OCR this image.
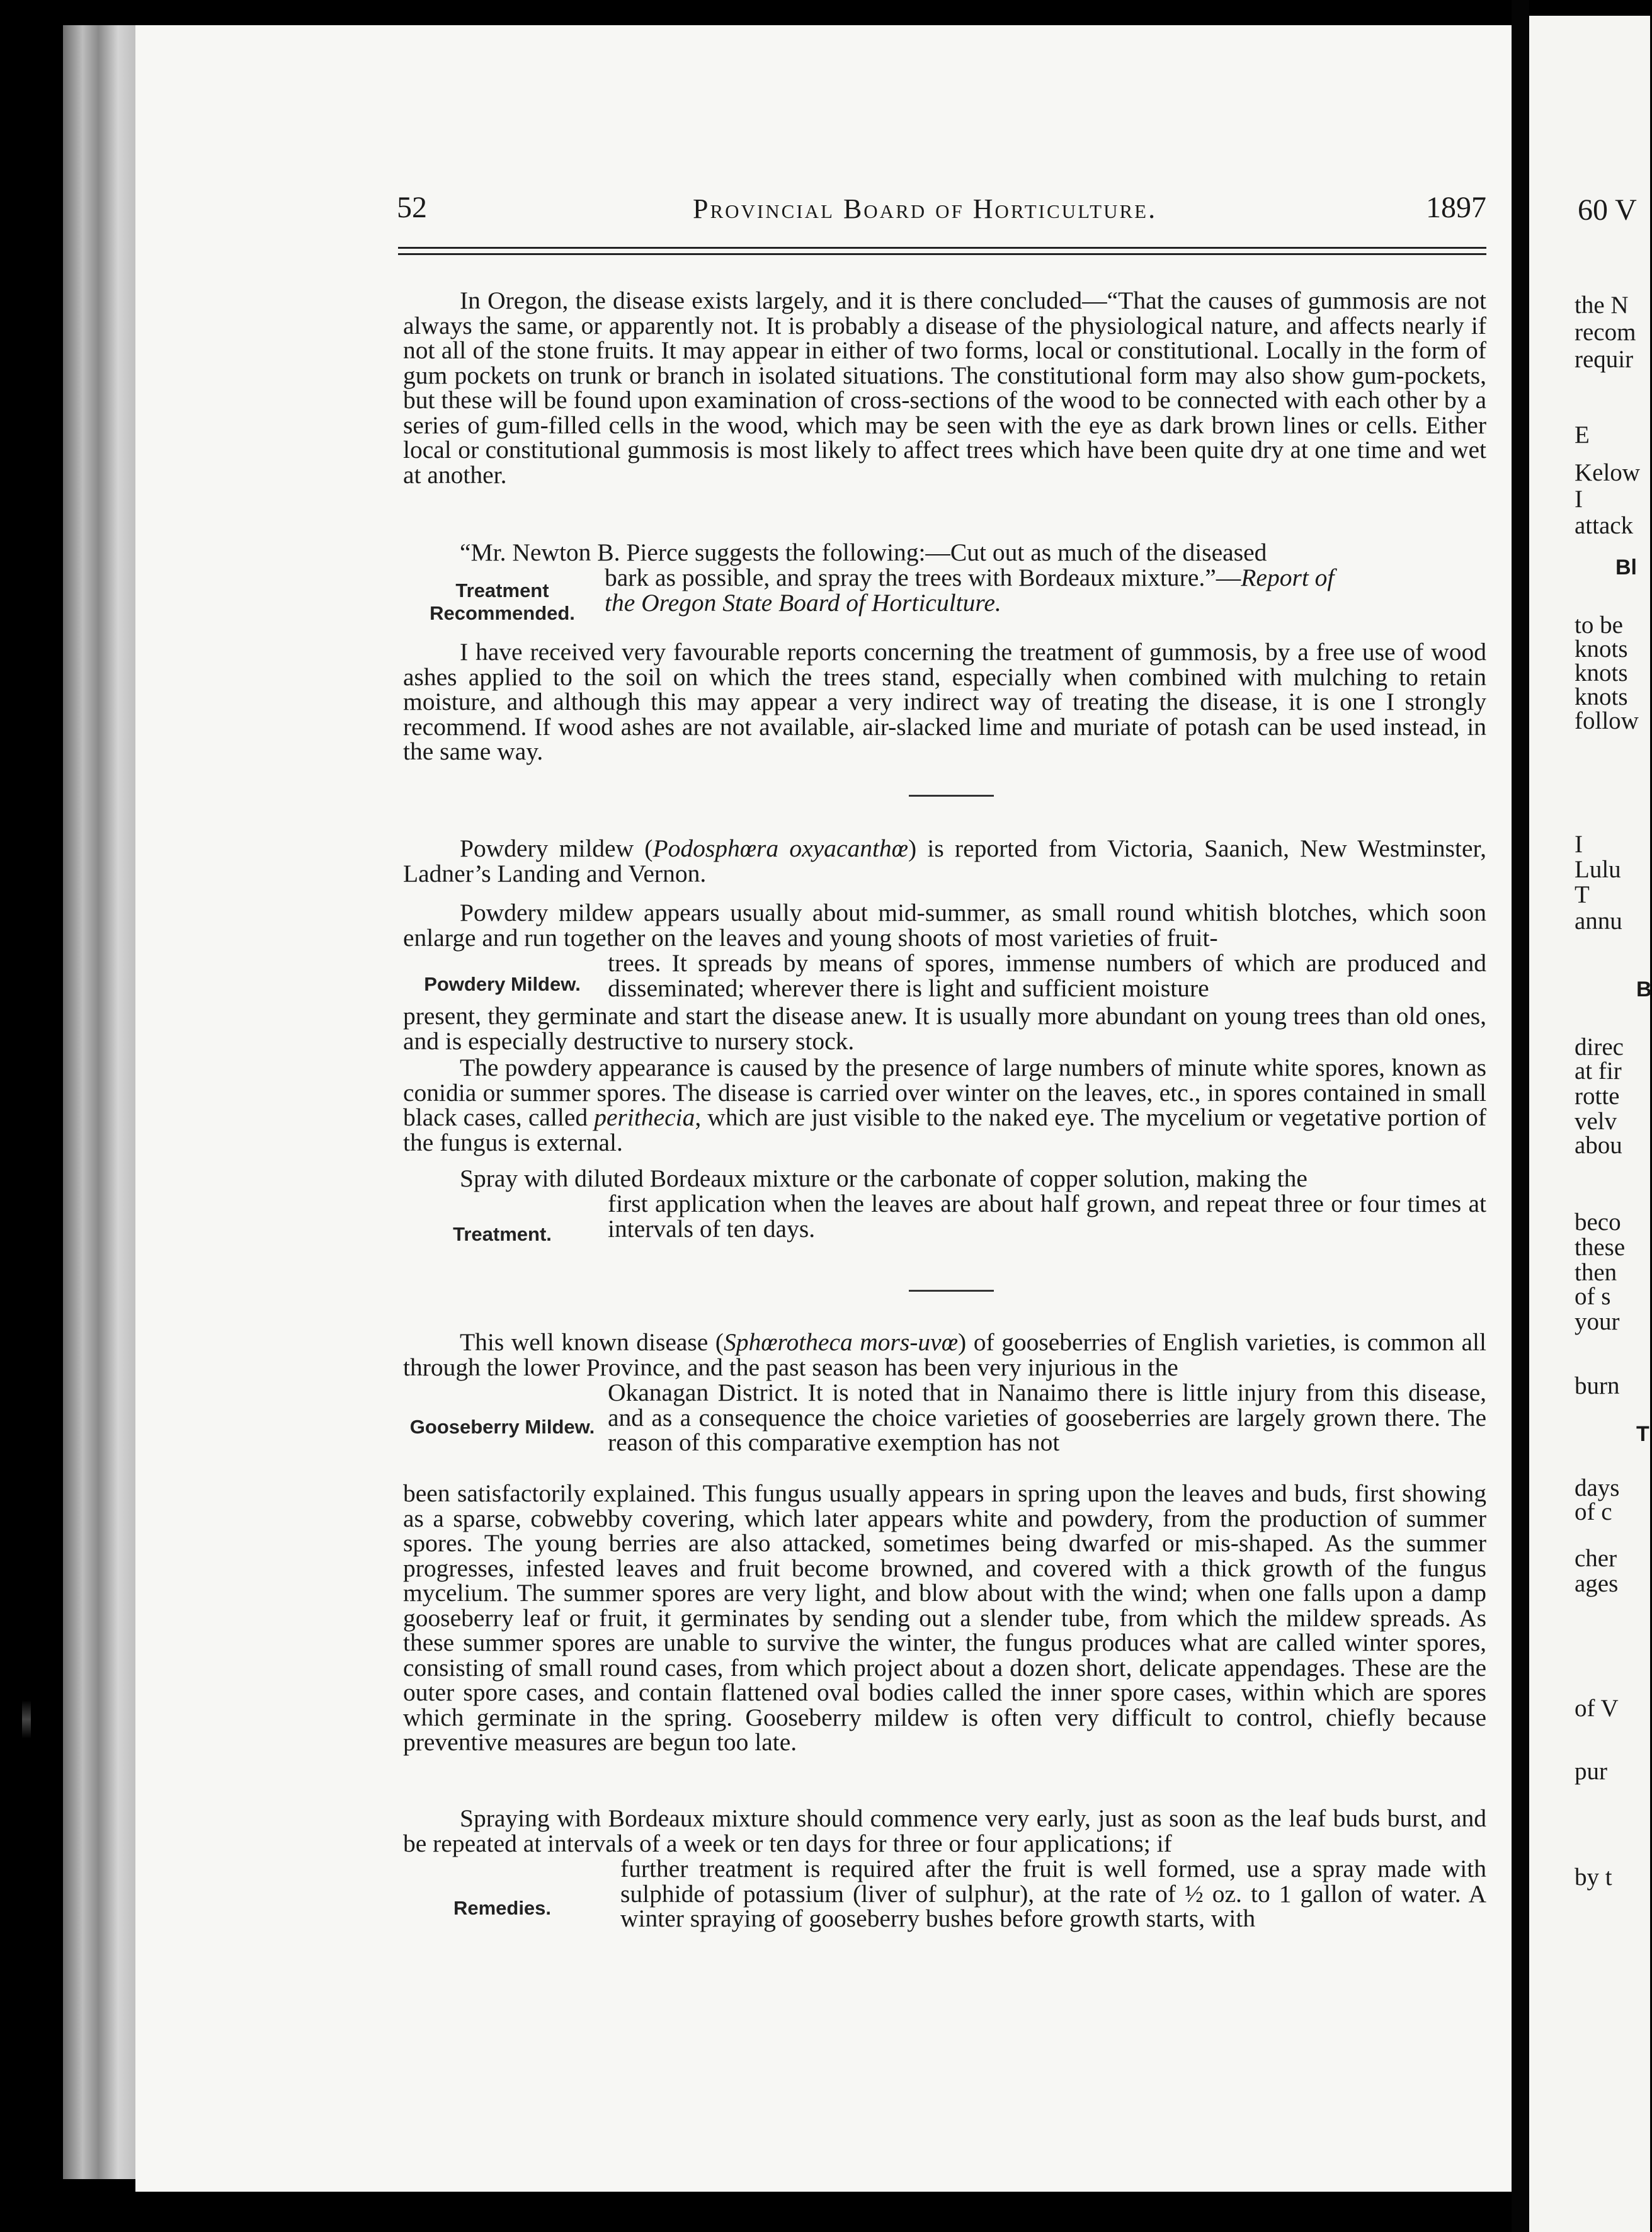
52	Provincial Board of Horticulture.	1897

In Oregon, the disease exists largely, and it is there concluded—“That the causes of gummosis are not always the same, or apparently not. It is probably a disease of the physiological nature, and affects nearly if not all of the stone fruits. It may appear in either of two forms, local or constitutional. Locally in the form of gum pockets on trunk or branch in isolated situations. The constitutional form may also show gum-pockets, but these will be found upon examination of cross-sections of the wood to be connected with each other by a series of gum-filled cells in the wood, which may be seen with the eye as dark brown lines or cells. Either local or constitutional gummosis is most likely to affect trees which have been quite dry at one time and wet at another.

“Mr. Newton B. Pierce suggests the following:—Cut out as much of the diseased

bark as possible, and spray the trees with Bordeaux mixture.”—Report of

the Oregon State Board of Horticulture.

Treatment Recommended.

I have received very favourable reports concerning the treatment of gummosis, by a free use of wood ashes applied to the soil on which the trees stand, especially when combined with mulching to retain moisture, and although this may appear a very indirect way of treating the disease, it is one I strongly recommend. If wood ashes are not available, air-slacked lime and muriate of potash can be used instead, in the same way.

Powdery mildew (Podosphœra oxyacanthœ) is reported from Victoria, Saanich, New Westminster, Ladner’s Landing and Vernon.

Powdery mildew appears usually about mid-summer, as small round whitish blotches, which soon enlarge and run together on the leaves and young shoots of most varieties of fruit-

trees. It spreads by means of spores, immense numbers of which are produced and disseminated; wherever there is light and sufficient moisture

Powdery Mildew.

present, they germinate and start the disease anew. It is usually more abundant on young trees than old ones, and is especially destructive to nursery stock.

The powdery appearance is caused by the presence of large numbers of minute white spores, known as conidia or summer spores. The disease is carried over winter on the leaves, etc., in spores contained in small black cases, called perithecia, which are just visible to the naked eye. The mycelium or vegetative portion of the fungus is external.

Spray with diluted Bordeaux mixture or the carbonate of copper solution, making the

first application when the leaves are about half grown, and repeat three or four times at intervals of ten days.

Treatment.

This well known disease (Sphœrotheca mors-uvœ) of gooseberries of English varieties, is common all through the lower Province, and the past season has been very injurious in the

Okanagan District. It is noted that in Nanaimo there is little injury from this disease, and as a consequence the choice varieties of gooseberries are largely grown there. The reason of this comparative exemption has not

Gooseberry Mildew.

been satisfactorily explained. This fungus usually appears in spring upon the leaves and buds, first showing as a sparse, cobwebby covering, which later appears white and powdery, from the production of summer spores. The young berries are also attacked, sometimes being dwarfed or mis-shaped. As the summer progresses, infested leaves and fruit become browned, and covered with a thick growth of the fungus mycelium. The summer spores are very light, and blow about with the wind; when one falls upon a damp gooseberry leaf or fruit, it germinates by sending out a slender tube, from which the mildew spreads. As these summer spores are unable to survive the winter, the fungus produces what are called winter spores, consisting of small round cases, from which project about a dozen short, delicate appendages. These are the outer spore cases, and contain flattened oval bodies called the inner spore cases, within which are spores which germinate in the spring. Gooseberry mildew is often very difficult to control, chiefly because preventive measures are begun too late.

Spraying with Bordeaux mixture should commence very early, just as soon as the leaf buds burst, and be repeated at intervals of a week or ten days for three or four applications; if

further treatment is required after the fruit is well formed, use a spray made with sulphide of potassium (liver of sulphur), at the rate of ½ oz. to 1 gallon of water. A winter spraying of gooseberry bushes before growth starts, with

Remedies.
60 V
the N
recom
requir
E
Kelow
I
attack
to be
knots
knots
knots
follow
I
Lulu
T
annu
direc
at fir
rotte
velv
abou
beco
these
then
of s
your
burn
days
of c
cher
ages
of V
pur
by t
Bl
B
T
